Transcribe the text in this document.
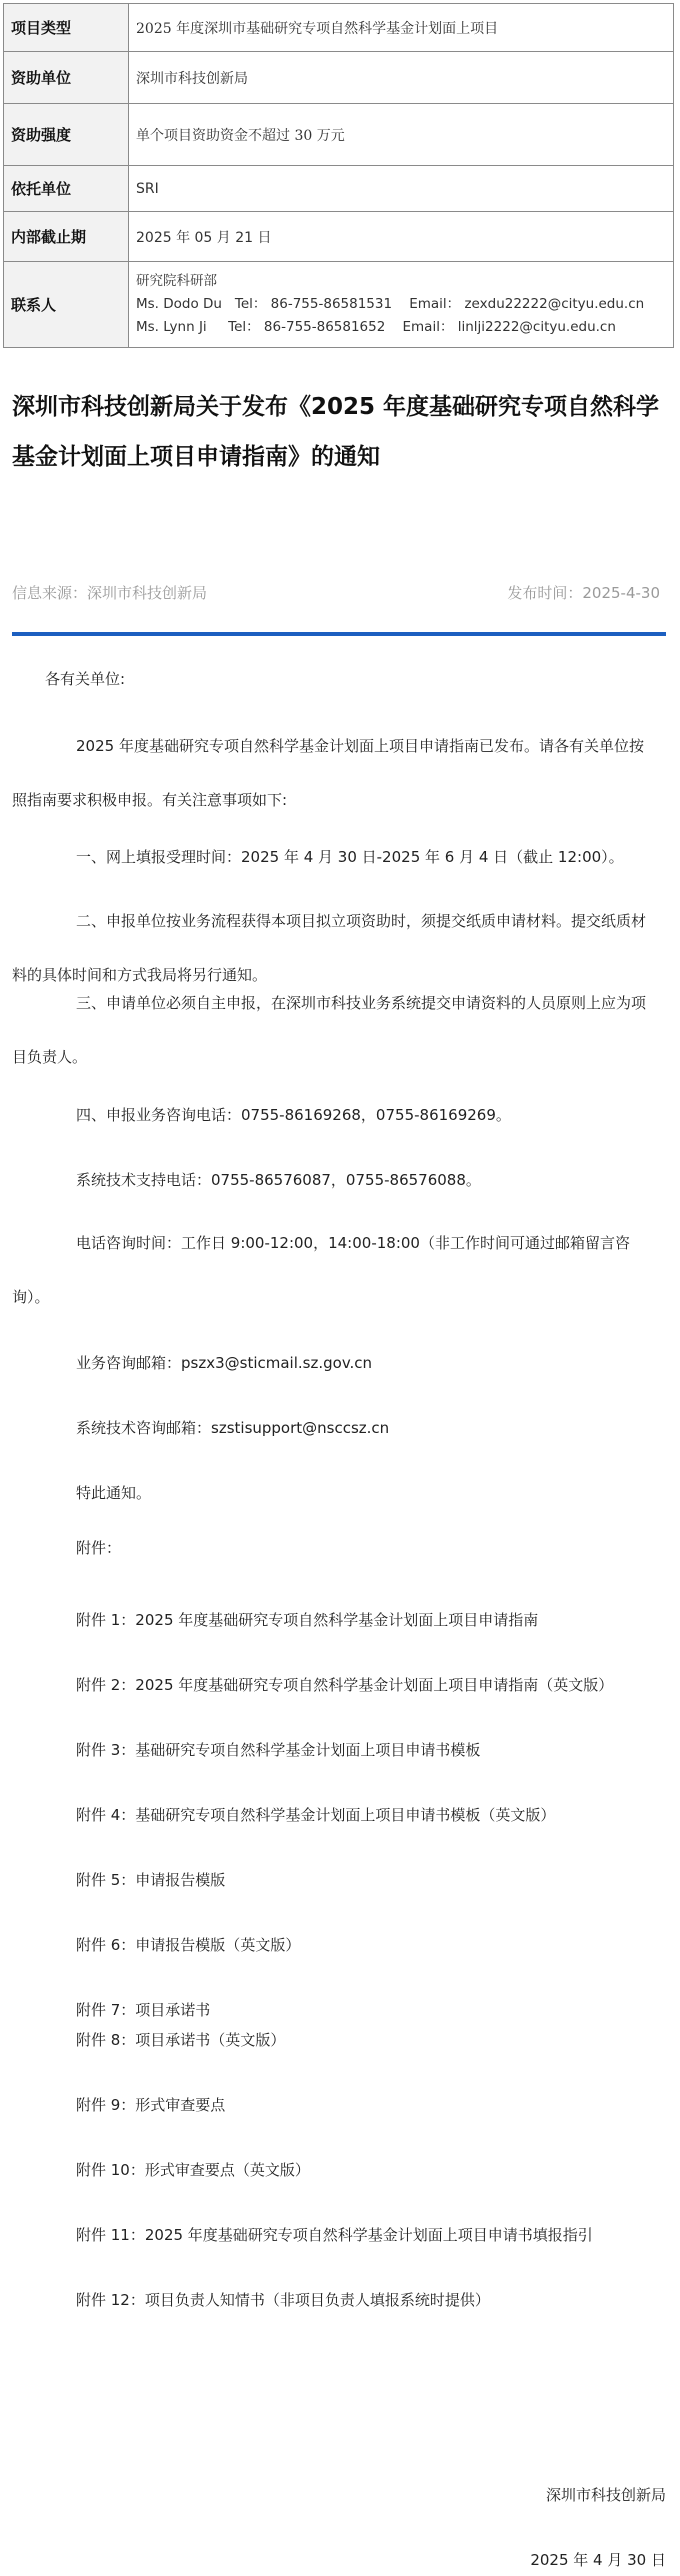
项目类型	2025 年度深圳市基础研究专项自然科学基金计划面上项目
资助单位	深圳市科技创新局
资助强度	单个项目资助资金不超过 30 万元
依托单位	SRI
内部截止期	2025 年 05 月 21 日
联系人	研究院科研部
Ms. Dodo Du   Tel： 86-755-86581531    Email： zexdu22222@cityu.edu.cn
Ms. Lynn Ji     Tel： 86-755-86581652    Email： linlji2222@cityu.edu.cn
深圳市科技创新局关于发布《2025 年度基础研究专项自然科学基金计划面上项目申请指南》的通知
信息来源：深圳市科技创新局	发布时间：2025-4-30

各有关单位:

2025 年度基础研究专项自然科学基金计划面上项目申请指南已发布。请各有关单位按照指南要求积极申报。有关注意事项如下:

一、网上填报受理时间：2025 年 4 月 30 日-2025 年 6 月 4 日（截止 12:00）。

二、申报单位按业务流程获得本项目拟立项资助时，须提交纸质申请材料。提交纸质材料的具体时间和方式我局将另行通知。

三、申请单位必须自主申报，在深圳市科技业务系统提交申请资料的人员原则上应为项目负责人。

四、申报业务咨询电话：0755-86169268，0755-86169269。

系统技术支持电话：0755-86576087，0755-86576088。

电话咨询时间：工作日 9:00-12:00，14:00-18:00（非工作时间可通过邮箱留言咨询）。

业务咨询邮箱：pszx3@sticmail.sz.gov.cn

系统技术咨询邮箱：szstisupport@nsccsz.cn

特此通知。

附件：

附件 1：2025 年度基础研究专项自然科学基金计划面上项目申请指南

附件 2：2025 年度基础研究专项自然科学基金计划面上项目申请指南（英文版）

附件 3：基础研究专项自然科学基金计划面上项目申请书模板

附件 4：基础研究专项自然科学基金计划面上项目申请书模板（英文版）

附件 5：申请报告模版

附件 6：申请报告模版（英文版）

附件 7：项目承诺书

附件 8：项目承诺书（英文版）

附件 9：形式审查要点

附件 10：形式审查要点（英文版）

附件 11：2025 年度基础研究专项自然科学基金计划面上项目申请书填报指引

附件 12：项目负责人知情书（非项目负责人填报系统时提供）

深圳市科技创新局
2025 年 4 月 30 日
